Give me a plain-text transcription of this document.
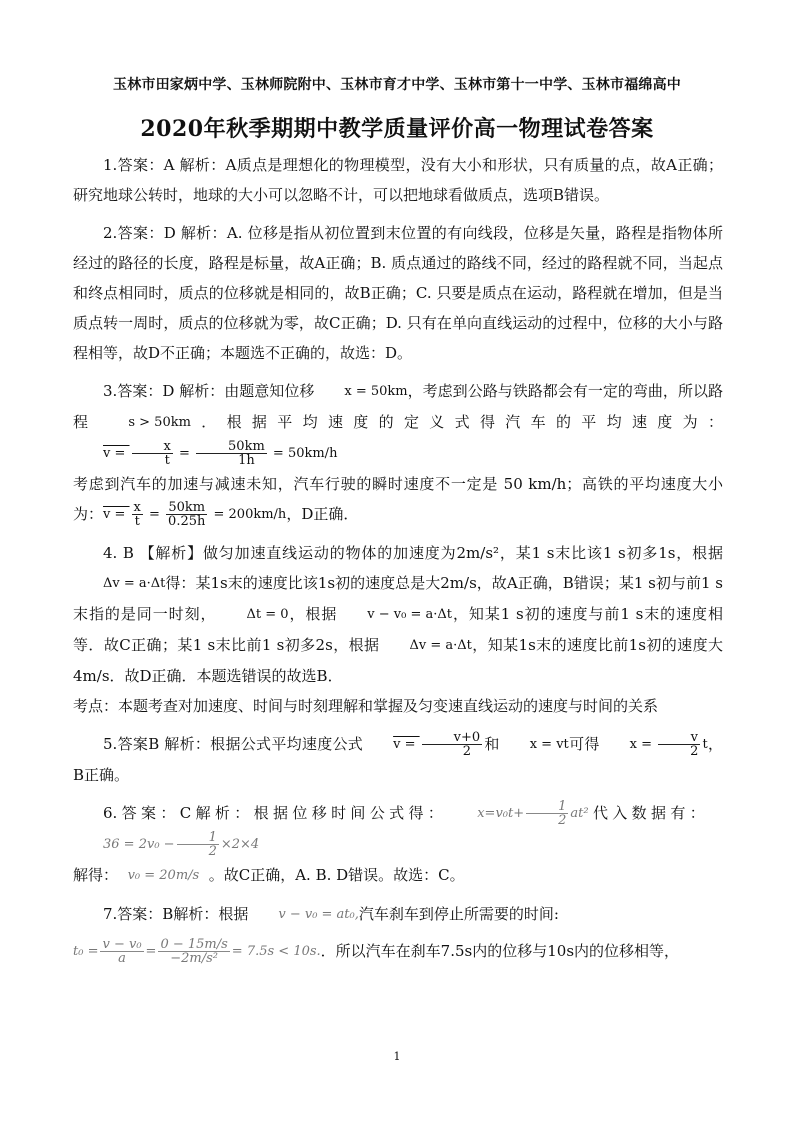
玉林市田家炳中学、玉林师院附中、玉林市育才中学、玉林市第十一中学、玉林市福绵高中
2020年秋季期期中教学质量评价高一物理试卷答案

1.答案：A 解析：A质点是理想化的物理模型，没有大小和形状，只有质量的点，故A正确；研究地球公转时，地球的大小可以忽略不计，可以把地球看做质点，选项B错误。

2.答案：D 解析：A. 位移是指从初位置到末位置的有向线段，位移是矢量，路程是指物体所经过的路径的长度，路程是标量，故A正确；B. 质点通过的路线不同，经过的路程就不同，当起点和终点相同时，质点的位移就是相同的，故B正确；C. 只要是质点在运动，路程就在增加，但是当质点转一周时，质点的位移就为零，故C正确；D. 只有在单向直线运动的过程中，位移的大小与路程相等，故D不正确；本题选不正确的，故选：D。

3.答案：D 解析：由题意知位移 x = 50km，考虑到公路与铁路都会有一定的弯曲，所以路程 s > 50km．根据平均速度的定义式得汽车的平均速度为：$v = \frac{x}{t} = \frac{50km}{1h} = 50km/h$

考虑到汽车的加速与减速未知，汽车行驶的瞬时速度不一定是 50 km/h；高铁的平均速度大小为：$v = \frac{x}{t} = \frac{50km}{0.25h} = 200km/h$，D正确．

4. B 【解析】做匀加速直线运动的物体的加速度为2m/s²，某1 s末比该1 s初多1s，根据Δv = a·Δt得：某1s末的速度比该1s初的速度总是大2m/s，故A正确，B错误；某1 s初与前1 s末指的是同一时刻， Δt = 0，根据 v − v₀ = a·Δt，知某1 s初的速度与前1 s末的速度相等．故C正确；某1 s末比前1 s初多2s，根据 Δv = a·Δt，知某1s末的速度比前1s初的速度大4m/s．故D正确．本题选错误的故选B．

考点：本题考查对加速度、时间与时刻理解和掌握及匀变速直线运动的速度与时间的关系

5.答案B 解析：根据公式平均速度公式 $v = \frac{v+0}{2}$ 和 x = vt可得 $x = \frac{v}{2}$ t，B正确。

6.答案：C解析：根据位移时间公式得： $x=v_0t+ \frac{1}{2} at^2$代入数据有：  $36 = 2v_0 - \frac{1}{2} \times 2\times 4$

解得： v₀ = 20m/s 。故C正确，A. B. D错误。故选：C。

7.答案：B解析：根据 v − v₀ = at₀,汽车刹车到停止所需要的时间:

$t_0 = \frac{\text{v − v₀}}{a} = \frac{0 - 15m/s}{\text{−2m/s²}} = 7.5s < 10s$.．所以汽车在刹车7.5s内的位移与10s内的位移相等，

1
